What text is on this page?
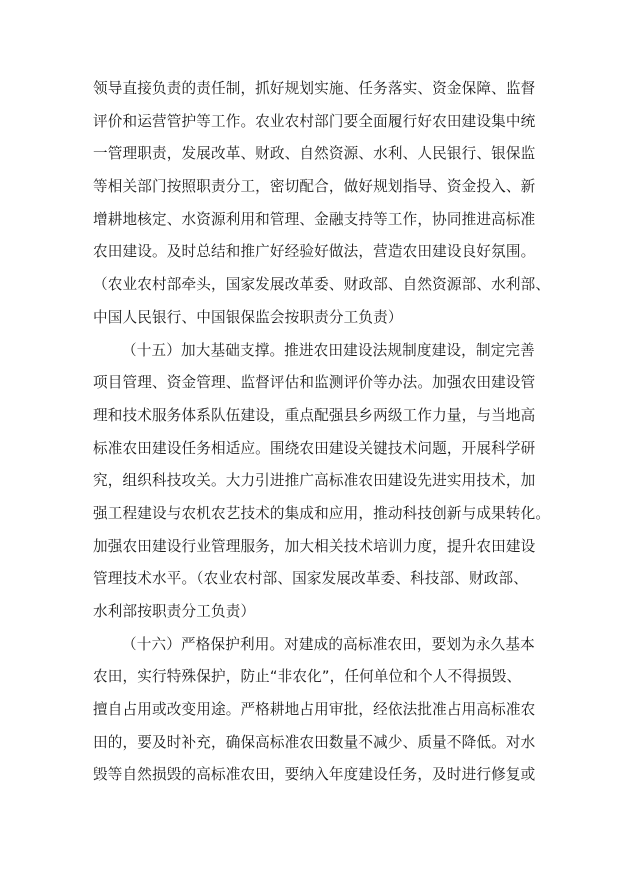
领导直接负责的责任制，抓好规划实施、任务落实、资金保障、监督
评价和运营管护等工作。农业农村部门要全面履行好农田建设集中统
一管理职责，发展改革、财政、自然资源、水利、人民银行、银保监
等相关部门按照职责分工，密切配合，做好规划指导、资金投入、新
增耕地核定、水资源利用和管理、金融支持等工作，协同推进高标准
农田建设。及时总结和推广好经验好做法，营造农田建设良好氛围。
（农业农村部牵头，国家发展改革委、财政部、自然资源部、水利部、
中国人民银行、中国银保监会按职责分工负责）
（十五）加大基础支撑。推进农田建设法规制度建设，制定完善
项目管理、资金管理、监督评估和监测评价等办法。加强农田建设管
理和技术服务体系队伍建设，重点配强县乡两级工作力量，与当地高
标准农田建设任务相适应。围绕农田建设关键技术问题，开展科学研
究，组织科技攻关。大力引进推广高标准农田建设先进实用技术，加
强工程建设与农机农艺技术的集成和应用，推动科技创新与成果转化。
加强农田建设行业管理服务，加大相关技术培训力度，提升农田建设
管理技术水平。（农业农村部、国家发展改革委、科技部、财政部、
水利部按职责分工负责）
（十六）严格保护利用。对建成的高标准农田，要划为永久基本
农田，实行特殊保护，防止“非农化”，任何单位和个人不得损毁、
擅自占用或改变用途。严格耕地占用审批，经依法批准占用高标准农
田的，要及时补充，确保高标准农田数量不减少、质量不降低。对水
毁等自然损毁的高标准农田，要纳入年度建设任务，及时进行修复或
